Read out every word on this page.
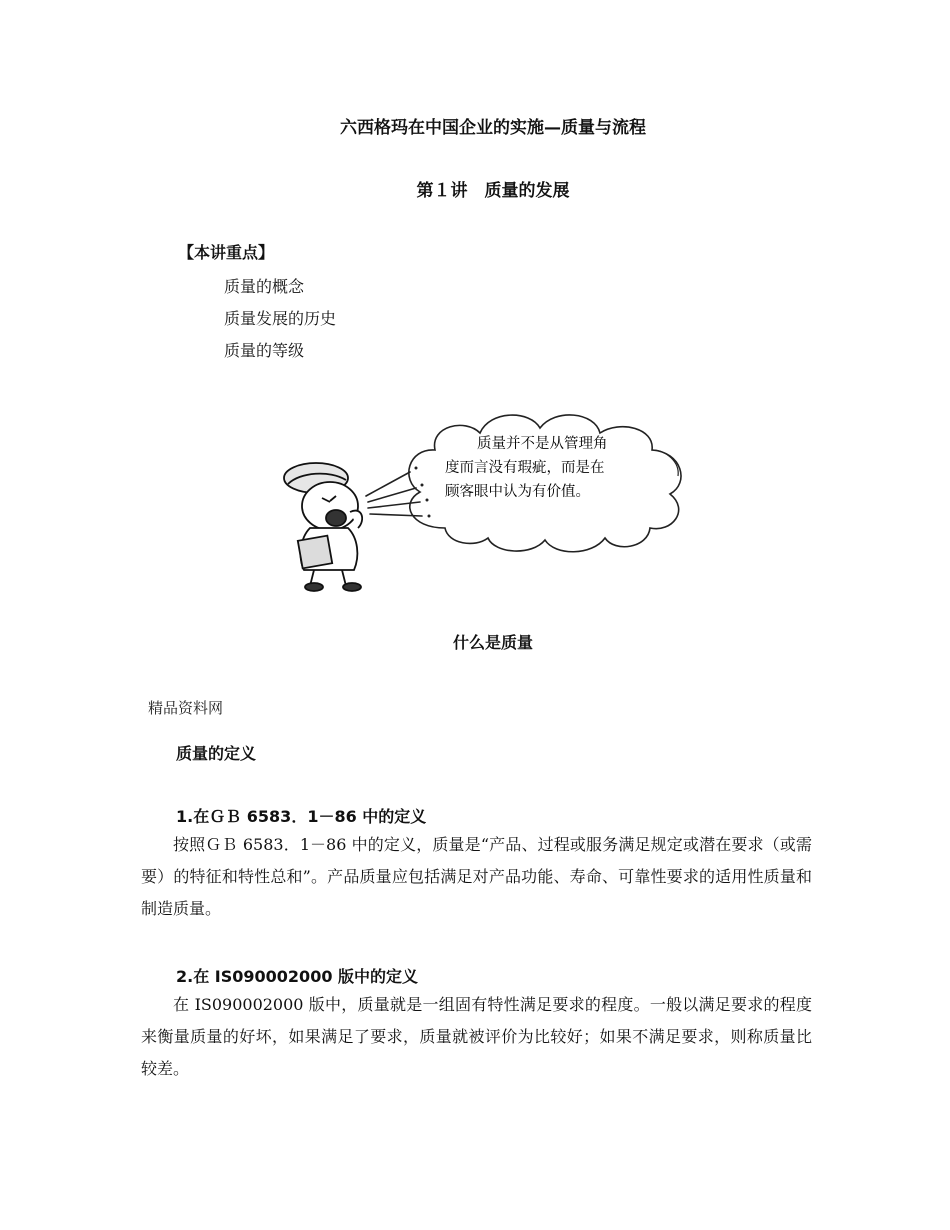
六西格玛在中国企业的实施—质量与流程
第１讲　质量的发展
【本讲重点】
质量的概念
质量发展的历史
质量的等级
质量并不是从管理角
度而言没有瑕疵，而是在
顾客眼中认为有价值。
什么是质量
精品资料网
质量的定义
1.在ＧＢ 6583．1－86 中的定义
按照ＧＢ 6583．1－86 中的定义，质量是“产品、过程或服务满足规定或潜在要求（或需要）的特征和特性总和”。产品质量应包括满足对产品功能、寿命、可靠性要求的适用性质量和制造质量。
2.在 IS090002000 版中的定义
在 IS090002000 版中，质量就是一组固有特性满足要求的程度。一般以满足要求的程度来衡量质量的好坏，如果满足了要求，质量就被评价为比较好；如果不满足要求，则称质量比较差。
